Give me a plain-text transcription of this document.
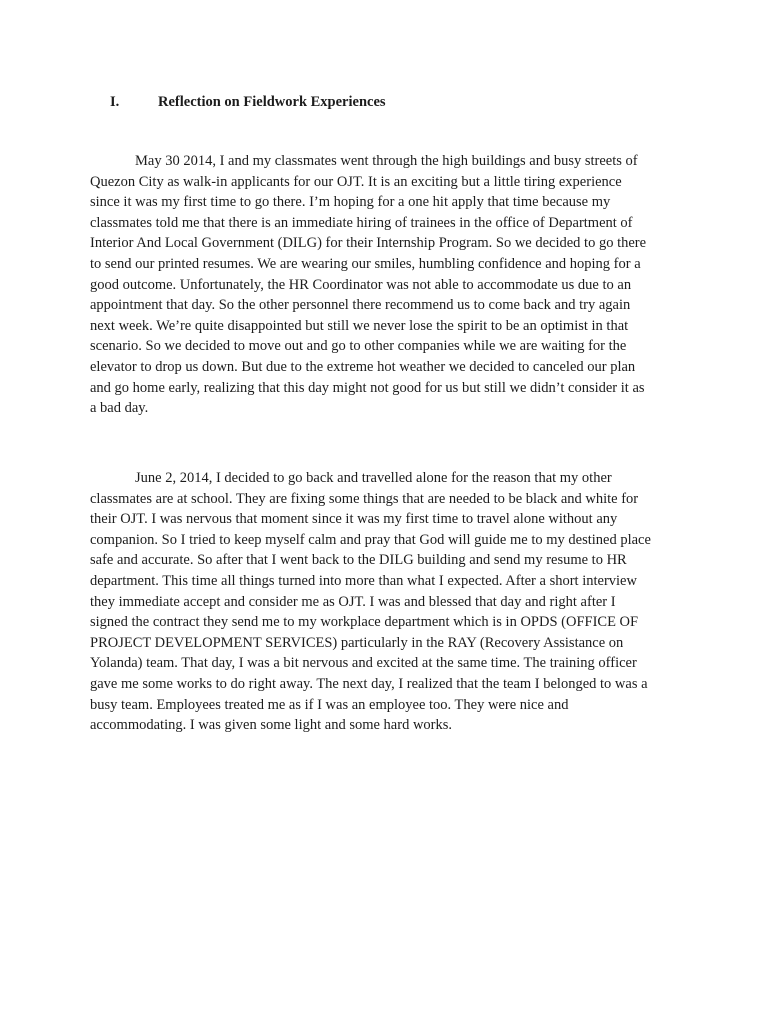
I.	Reflection on Fieldwork Experiences
May 30 2014, I and my classmates went through the high buildings and busy streets of
Quezon City as walk-in applicants for our OJT. It is an exciting but a little tiring experience
since it was my first time to go there. I’m hoping for a one hit apply that time because my
classmates told me that there is an immediate hiring of trainees in the office of Department of
Interior And Local Government (DILG) for their Internship Program. So we decided to go there
to send our printed resumes. We are wearing our smiles, humbling confidence and hoping for a
good outcome. Unfortunately, the HR Coordinator was not able to accommodate us due to an
appointment that day. So the other personnel there recommend us to come back and try again
next week. We’re quite disappointed but still we never lose the spirit to be an optimist in that
scenario. So we decided to move out and go to other companies while we are waiting for the
elevator to drop us down. But due to the extreme hot weather we decided to canceled our plan
and go home early, realizing that this day might not good for us but still we didn’t consider it as
a bad day.
June 2, 2014, I decided to go back and travelled alone for the reason that my other
classmates are at school. They are fixing some things that are needed to be black and white for
their OJT. I was nervous that moment since it was my first time to travel alone without any
companion. So I tried to keep myself calm and pray that God will guide me to my destined place
safe and accurate. So after that I went back to the DILG building and send my resume to HR
department. This time all things turned into more than what I expected. After a short interview
they immediate accept and consider me as OJT. I was and blessed that day and right after I
signed the contract they send me to my workplace department which is in OPDS (OFFICE OF
PROJECT DEVELOPMENT SERVICES) particularly in the RAY (Recovery Assistance on
Yolanda) team. That day, I was a bit nervous and excited at the same time. The training officer
gave me some works to do right away. The next day, I realized that the team I belonged to was a
busy team. Employees treated me as if I was an employee too. They were nice and
accommodating. I was given some light and some hard works.
